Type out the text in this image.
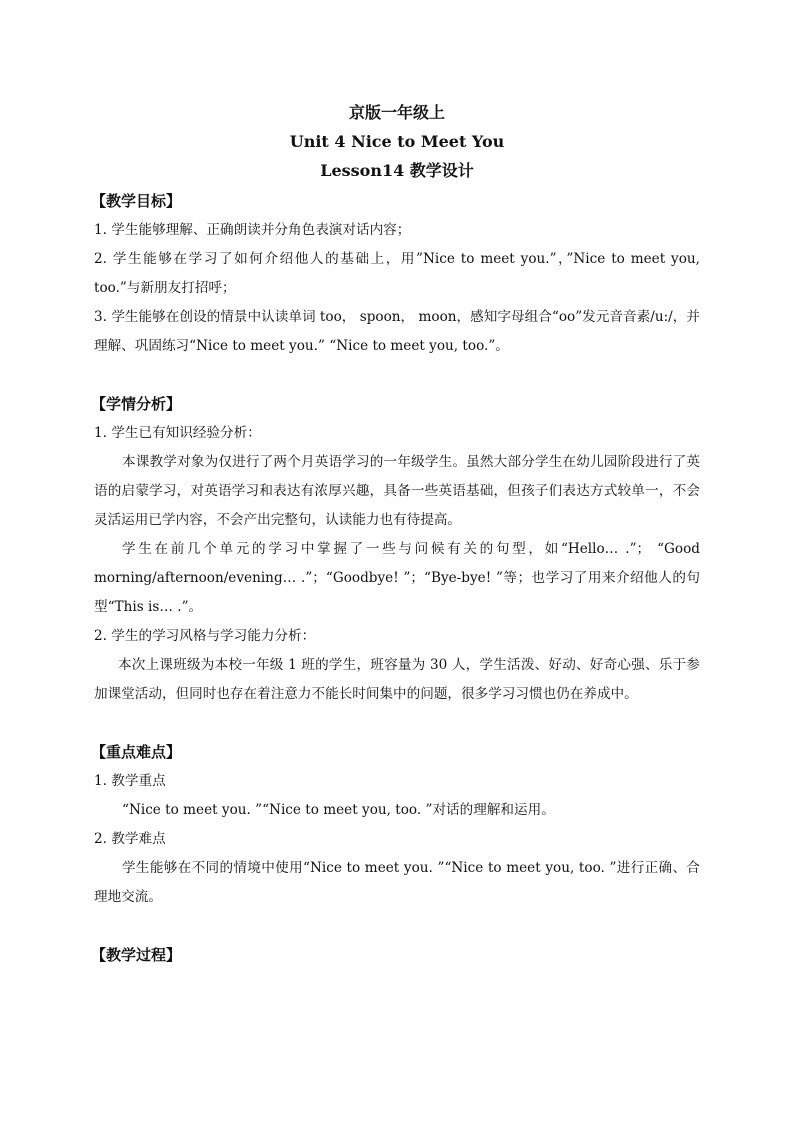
京版一年级上
Unit 4 Nice to Meet You
Lesson14 教学设计
【教学目标】
1. 学生能够理解、正确朗读并分角色表演对话内容；
2. 学生能够在学习了如何介绍他人的基础上，用”Nice to meet you.”，”Nice to meet you, too.”与新朋友打招呼；
3. 学生能够在创设的情景中认读单词 too， spoon， moon，感知字母组合“oo”发元音音素/u:/，并理解、巩固练习“Nice to meet you.” “Nice to meet you, too.”。
【学情分析】
1. 学生已有知识经验分析：
本课教学对象为仅进行了两个月英语学习的一年级学生。虽然大部分学生在幼儿园阶段进行了英语的启蒙学习，对英语学习和表达有浓厚兴趣，具备一些英语基础，但孩子们表达方式较单一，不会灵活运用已学内容，不会产出完整句，认读能力也有待提高。
学生在前几个单元的学习中掌握了一些与问候有关的句型，如“Hello… .”； “Good morning/afternoon/evening… .”；“Goodbye! ”；“Bye-bye! ”等；也学习了用来介绍他人的句型“This is… .”。
2. 学生的学习风格与学习能力分析：
本次上课班级为本校一年级 1 班的学生，班容量为 30 人，学生活泼、好动、好奇心强、乐于参加课堂活动，但同时也存在着注意力不能长时间集中的问题，很多学习习惯也仍在养成中。
【重点难点】
1. 教学重点
“Nice to meet you. ”“Nice to meet you, too. ”对话的理解和运用。
2. 教学难点
学生能够在不同的情境中使用“Nice to meet you. ”“Nice to meet you, too. ”进行正确、合理地交流。
【教学过程】
